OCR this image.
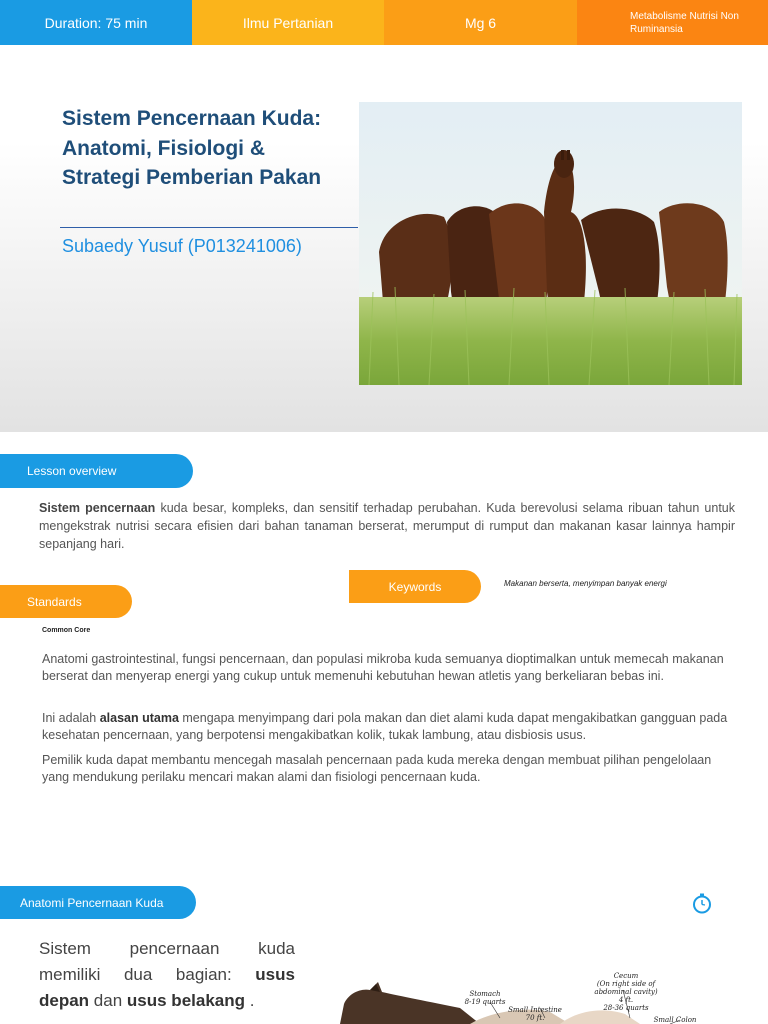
Duration: 75 min	Ilmu Pertanian	Mg 6	Metabolisme Nutrisi Non Ruminansia
Sistem Pencernaan Kuda: Anatomi, Fisiologi & Strategi Pemberian Pakan
Subaedy Yusuf (P013241006)
Lesson overview
Sistem pencernaan kuda besar, kompleks, dan sensitif terhadap perubahan. Kuda berevolusi selama ribuan tahun untuk mengekstrak nutrisi secara efisien dari bahan tanaman berserat, merumput di rumput dan makanan kasar lainnya hampir sepanjang hari.
Keywords	Makanan berserta, menyimpan banyak energi
Standards
Common Core
Anatomi gastrointestinal, fungsi pencernaan, dan populasi mikroba kuda semuanya dioptimalkan untuk memecah makanan berserat dan menyerap energi yang cukup untuk memenuhi kebutuhan hewan atletis yang berkeliaran bebas ini.
Ini adalah alasan utama mengapa menyimpang dari pola makan dan diet alami kuda dapat mengakibatkan gangguan pada kesehatan pencernaan, yang berpotensi mengakibatkan kolik, tukak lambung, atau disbiosis usus.
Pemilik kuda dapat membantu mencegah masalah pencernaan pada kuda mereka dengan membuat pilihan pengelolaan yang mendukung perilaku mencari makan alami dan fisiologi pencernaan kuda.
Anatomi Pencernaan Kuda
Sistem pencernaan kuda
memiliki dua bagian: usus
depan dan usus belakang .	Stomach
8-19 quarts
Small Intestine
70 ft.
Cecum
(On right side of abdominal cavity)
4 ft.
28-36 quarts
Small Colon
